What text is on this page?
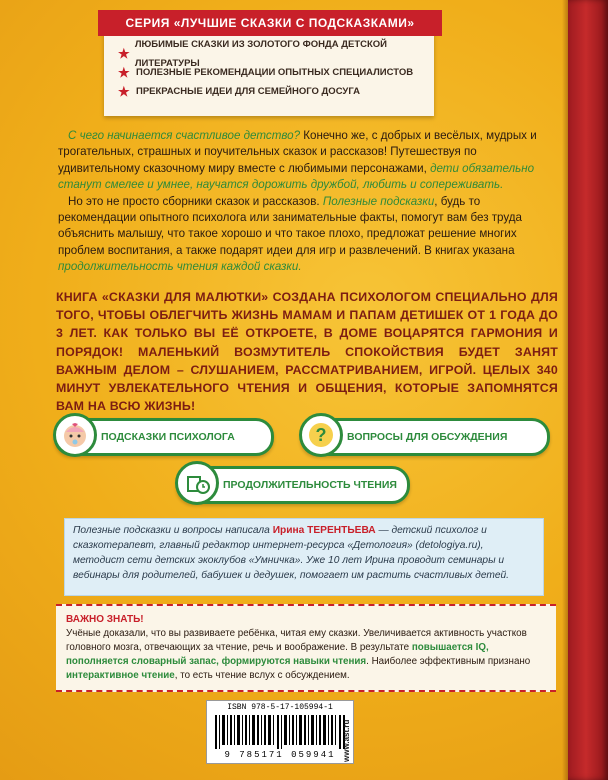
СЕРИЯ «ЛУЧШИЕ СКАЗКИ С ПОДСКАЗКАМИ»
★
ЛЮБИМЫЕ СКАЗКИ ИЗ ЗОЛОТОГО ФОНДА ДЕТСКОЙ ЛИТЕРАТУРЫ
★ ПОЛЕЗНЫЕ РЕКОМЕНДАЦИИ ОПЫТНЫХ СПЕЦИАЛИСТОВ
★ ПРЕКРАСНЫЕ ИДЕИ ДЛЯ СЕМЕЙНОГО ДОСУГА

С чего начинается счастливое детство? Конечно же, с добрых и весёлых, мудрых и трогательных, страшных и поучительных сказок и рассказов! Путешествуя по удивительному сказочному миру вместе с любимыми персонажами, дети обязательно станут смелее и умнее, научатся дорожить дружбой, любить и сопереживать.

Но это не просто сборники сказок и рассказов. Полезные подсказки, будь то рекомендации опытного психолога или занимательные факты, помогут вам без труда объяснить малышу, что такое хорошо и что такое плохо, предложат решение многих проблем воспитания, а также подарят идеи для игр и развлечений. В книгах указана продолжительность чтения каждой сказки.

КНИГА «СКАЗКИ ДЛЯ МАЛЮТКИ» СОЗДАНА ПСИХОЛОГОМ СПЕЦИАЛЬНО ДЛЯ ТОГО, ЧТОБЫ ОБЛЕГЧИТЬ ЖИЗНЬ МАМАМ И ПАПАМ ДЕТИШЕК ОТ 1 ГОДА ДО 3 ЛЕТ. КАК ТОЛЬКО ВЫ ЕЁ ОТКРОЕТЕ, В ДОМЕ ВОЦАРЯТСЯ ГАРМОНИЯ И ПОРЯДОК! МАЛЕНЬКИЙ ВОЗМУТИТЕЛЬ СПОКОЙСТВИЯ БУДЕТ ЗАНЯТ ВАЖНЫМ ДЕЛОМ – СЛУШАНИЕМ, РАССМАТРИВАНИЕМ, ИГРОЙ. ЦЕЛЫХ 340 МИНУТ УВЛЕКАТЕЛЬНОГО ЧТЕНИЯ И ОБЩЕНИЯ, КОТОРЫЕ ЗАПОМНЯТСЯ ВАМ НА ВСЮ ЖИЗНЬ!
ПОДСКАЗКИ ПСИХОЛОГА	? ВОПРОСЫ ДЛЯ ОБСУЖДЕНИЯ
ПРОДОЛЖИТЕЛЬНОСТЬ ЧТЕНИЯ
Полезные подсказки и вопросы написала Ирина ТЕРЕНТЬЕВА — детский психолог и сказкотерапевт, главный редактор интернет-ресурса «Детология» (detologiya.ru), методист сети детских экоклубов «Умничка». Уже 10 лет Ирина проводит семинары и вебинары для родителей, бабушек и дедушек, помогает им растить счастливых детей.
ВАЖНО ЗНАТЬ!
Учёные доказали, что вы развиваете ребёнка, читая ему сказки. Увеличивается активность участков головного мозга, отвечающих за чтение, речь и воображение. В результате повышается IQ, пополняется словарный запас, формируются навыки чтения. Наиболее эффективным признано интерактивное чтение, то есть чтение вслух с обсуждением.
ISBN 978-5-17-105994-1
9 785171 059941 www.ast.ru
